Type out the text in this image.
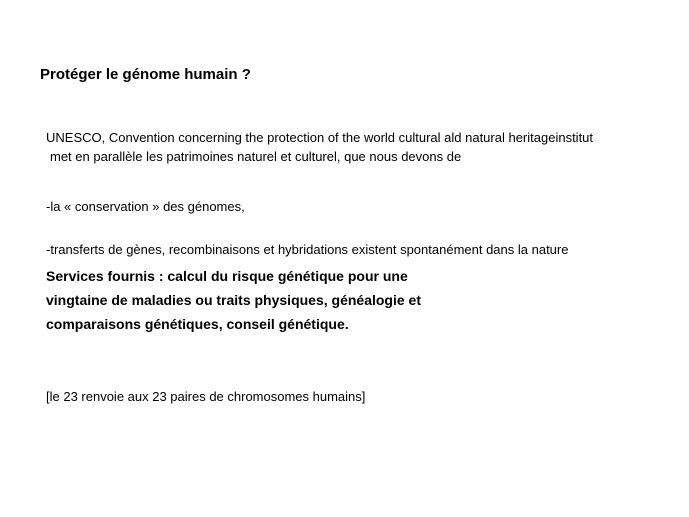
Protéger le génome humain ?
UNESCO, Convention concerning the protection of the world cultural ald natural heritageinstitut
met en parallèle les patrimoines naturel et culturel, que nous devons de
-la « conservation » des génomes,
-transferts de gènes, recombinaisons et hybridations existent spontanément dans la nature
Services fournis : calcul du risque génétique pour une
vingtaine de maladies ou traits physiques, généalogie et
comparaisons génétiques, conseil génétique.
[le 23 renvoie aux 23 paires de chromosomes humains]
